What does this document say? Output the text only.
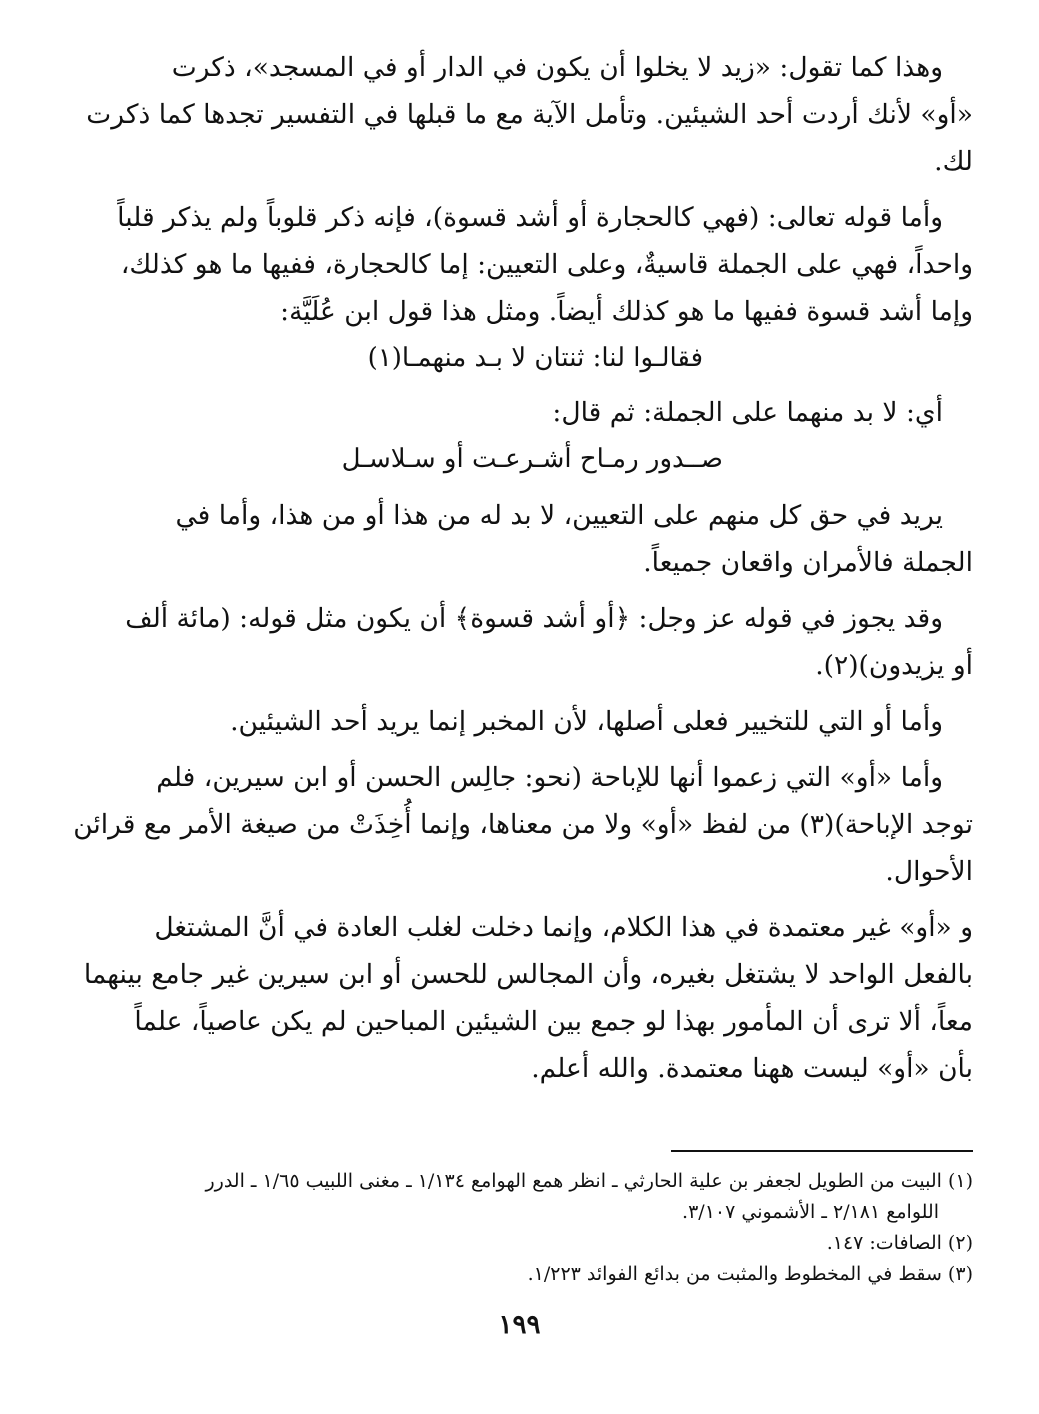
وهذا كما تقول: «زيد لا يخلوا أن يكون في الدار أو في المسجد»، ذكرت
«أو» لأنك أردت أحد الشيئين. وتأمل الآية مع ما قبلها في التفسير تجدها كما ذكرت
لك.
وأما قوله تعالى: (فهي كالحجارة أو أشد قسوة)، فإنه ذكر قلوباً ولم يذكر قلباً
واحداً، فهي على الجملة قاسيةٌ، وعلى التعيين: إما كالحجارة، ففيها ما هو كذلك،
وإما أشد قسوة ففيها ما هو كذلك أيضاً. ومثل هذا قول ابن عُلَيَّة:

فقالـوا لنا: ثنتان لا بـد منهمـا(١)

أي: لا بد منهما على الجملة: ثم قال:

صــدور رمـاح أشـرعـت أو سـلاسـل

يريد في حق كل منهم على التعيين، لا بد له من هذا أو من هذا، وأما في
الجملة فالأمران واقعان جميعاً.
وقد يجوز في قوله عز وجل: ﴿أو أشد قسوة﴾ أن يكون مثل قوله: (مائة ألف
أو يزيدون)(٢).
وأما أو التي للتخيير فعلى أصلها، لأن المخبر إنما يريد أحد الشيئين.
وأما «أو» التي زعموا أنها للإباحة (نحو: جالِس الحسن أو ابن سيرين، فلم
توجد الإباحة)(٣) من لفظ «أو» ولا من معناها، وإنما أُخِذَتْ من صيغة الأمر مع قرائن
الأحوال.
و «أو» غير معتمدة في هذا الكلام، وإنما دخلت لغلب العادة في أنَّ المشتغل
بالفعل الواحد لا يشتغل بغيره، وأن المجالس للحسن أو ابن سيرين غير جامع بينهما
معاً، ألا ترى أن المأمور بهذا لو جمع بين الشيئين المباحين لم يكن عاصياً، علماً
بأن «أو» ليست ههنا معتمدة. والله أعلم.

(١) البيت من الطويل لجعفر بن علية الحارثي ـ انظر همع الهوامع ١/١٣٤ ـ مغنى اللبيب ١/٦٥ ـ الدرر

اللوامع ٢/١٨١ ـ الأشموني ٣/١٠٧.

(٢) الصافات: ١٤٧.

(٣) سقط في المخطوط والمثبت من بدائع الفوائد ١/٢٢٣.

١٩٩
